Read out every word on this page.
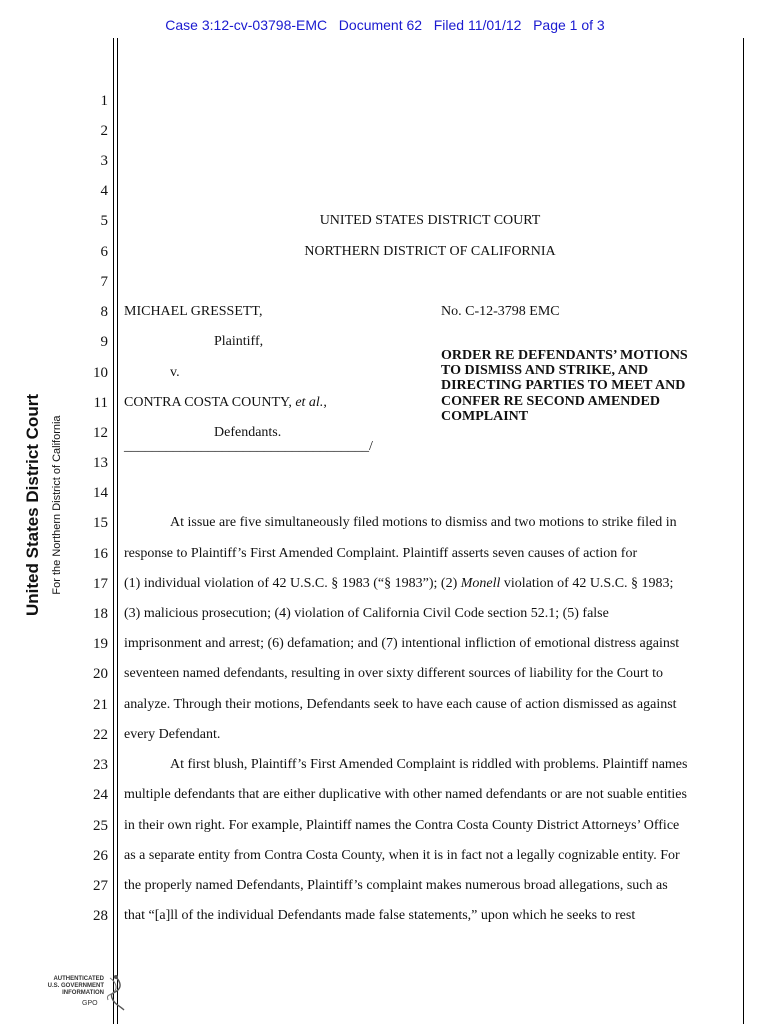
Case 3:12-cv-03798-EMC   Document 62   Filed 11/01/12   Page 1 of 3
United States District Court For the Northern District of California
1
2
3
4
5
6
7
8
9
10
11
12
13
14
15
16
17
18
19
20
21
22
23
24
25
26
27
28
UNITED STATES DISTRICT COURT
NORTHERN DISTRICT OF CALIFORNIA
MICHAEL GRESSETT,
Plaintiff,
v.
CONTRA COSTA COUNTY, et al.,
Defendants.
___________________________________/
No. C-12-3798 EMC
ORDER RE DEFENDANTS’ MOTIONS
TO DISMISS AND STRIKE, AND
DIRECTING PARTIES TO MEET AND
CONFER RE SECOND AMENDED
COMPLAINT
At issue are five simultaneously filed motions to dismiss and two motions to strike filed in
response to Plaintiff’s First Amended Complaint. Plaintiff asserts seven causes of action for
(1) individual violation of 42 U.S.C. § 1983 (“§ 1983”); (2) Monell violation of 42 U.S.C. § 1983;
(3) malicious prosecution; (4) violation of California Civil Code section 52.1; (5) false
imprisonment and arrest; (6) defamation; and (7) intentional infliction of emotional distress against
seventeen named defendants, resulting in over sixty different sources of liability for the Court to
analyze. Through their motions, Defendants seek to have each cause of action dismissed as against
every Defendant.
At first blush, Plaintiff’s First Amended Complaint is riddled with problems. Plaintiff names
multiple defendants that are either duplicative with other named defendants or are not suable entities
in their own right. For example, Plaintiff names the Contra Costa County District Attorneys’ Office
as a separate entity from Contra Costa County, when it is in fact not a legally cognizable entity. For
the properly named Defendants, Plaintiff’s complaint makes numerous broad allegations, such as
that “[a]ll of the individual Defendants made false statements,” upon which he seeks to rest
AUTHENTICATED
U.S. GOVERNMENT
INFORMATION
GPO
